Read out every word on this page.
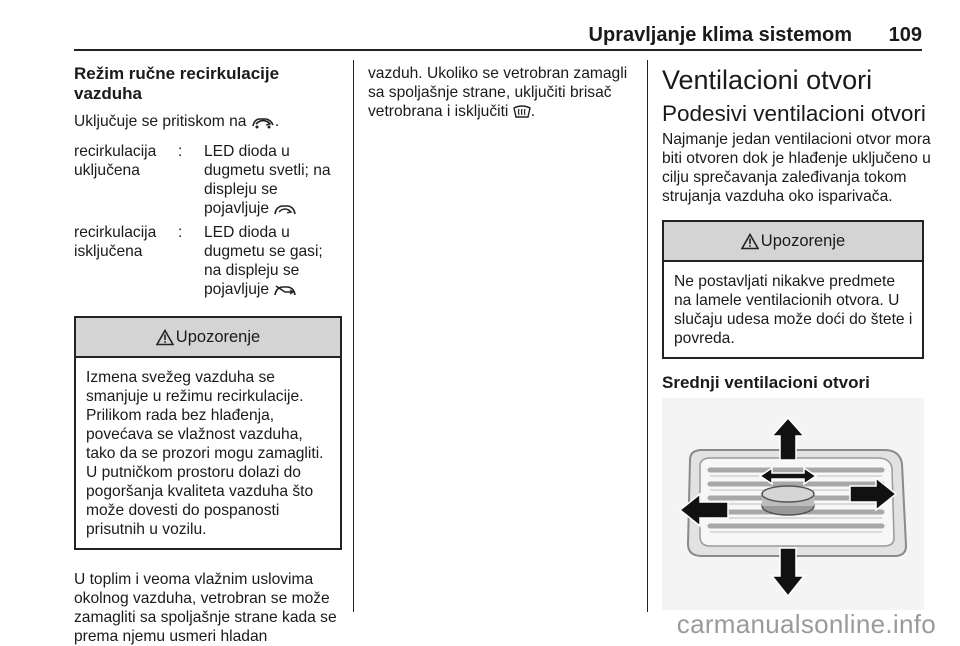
Upravljanje klima sistemom 109
Režim ručne recirkulacije vazduha

Uključuje se pritiskom na .

recirkulacija uključena
:	LED dioda u dugmetu svetli; na displeju se pojavljuje
recirkulacija isključena
:	LED dioda u dugmetu se gasi; na displeju se pojavljuje
Upozorenje
Izmena svežeg vazduha se smanjuje u režimu recirkulacije. Prilikom rada bez hlađenja, povećava se vlažnost vazduha, tako da se prozori mogu zamagliti. U putničkom prostoru dolazi do pogoršanja kvaliteta vazduha što može dovesti do pospanosti prisutnih u vozilu.

U toplim i veoma vlažnim uslovima okolnog vazduha, vetrobran se može zamagliti sa spoljašnje strane kada se prema njemu usmeri hladan

vazduh. Ukoliko se vetrobran zamagli sa spoljašnje strane, uključiti brisač vetrobrana i isključiti .

Ventilacioni otvori
Podesivi ventilacioni otvori

Najmanje jedan ventilacioni otvor mora biti otvoren dok je hlađenje uključeno u cilju sprečavanja zaleđivanja tokom strujanja vazduha oko isparivača.

Upozorenje
Ne postavljati nikakve predmete na lamele ventilacionih otvora. U slučaju udesa može doći do štete i povreda.
Srednji ventilacioni otvori
carmanualsonline.info
